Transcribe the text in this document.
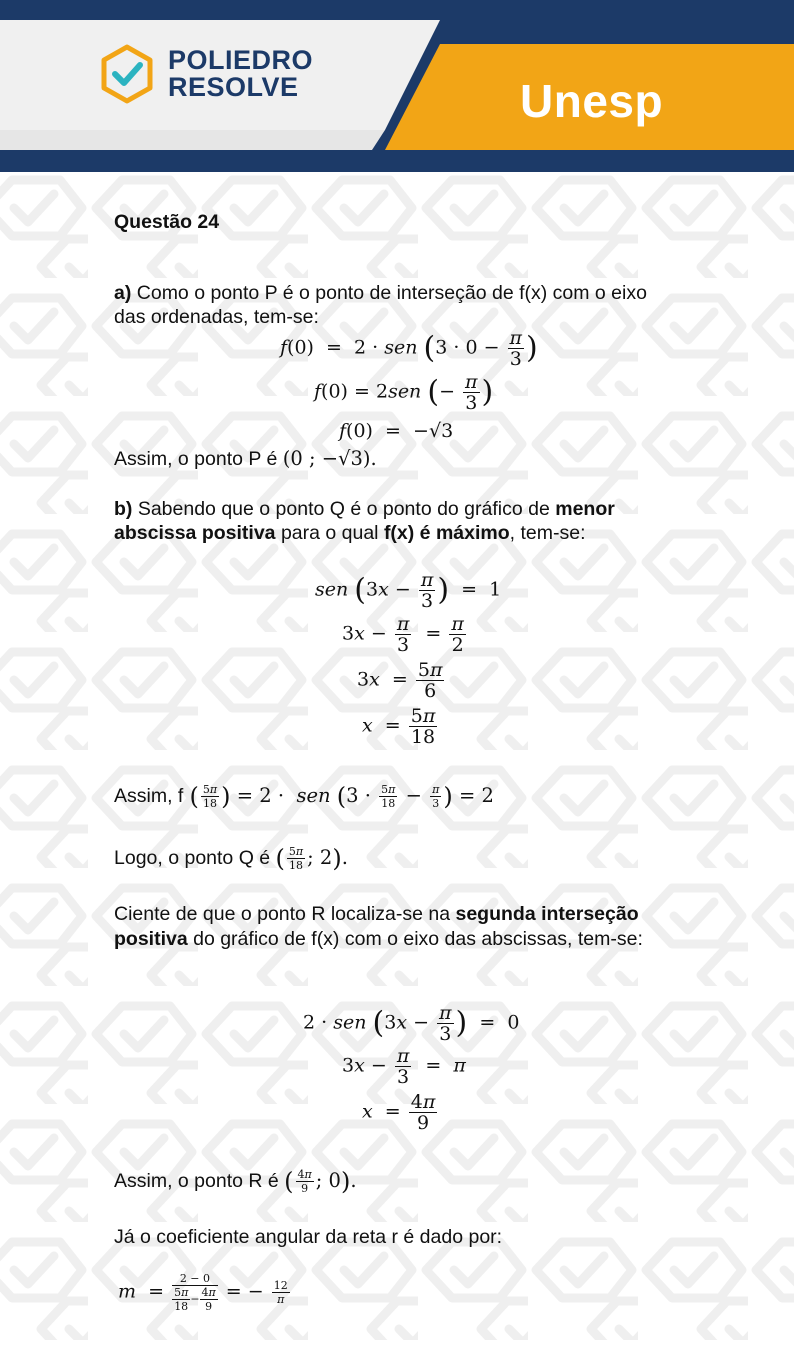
POLIEDRO
RESOLVE	Unesp
Questão 24
a) Como o ponto P é o ponto de interseção de f(x) com o eixo
das ordenadas, tem-se:
f(0)  =  2 · sen ($3 \cdot 0 - \frac{\pi}{3}$ )
f(0) = 2sen (− $\frac{\pi}{3}$ )
f(0)  =  −√3
Assim, o ponto P é (0 ; −√3).
b) Sabendo que o ponto Q é o ponto do gráfico de menor
abscissa positiva para o qual f(x) é máximo, tem-se:
sen ($3x - \frac{\pi}{3}$ )  =  1
$3x - \frac{\pi}{3} = \frac{\pi}{2}$
$3x = \frac{5\pi}{6}$
$x = \frac{5\pi}{18}$
Assim, f ( $\frac{5\pi}{18}$ ) = 2 ·  sen ($3 \cdot \frac{5\pi}{18} - \frac{\pi}{3}$ ) = 2
Logo, o ponto Q é ( $\frac{5\pi}{18}$ ; 2).
Ciente de que o ponto R localiza-se na segunda interseção
positiva do gráfico de f(x) com o eixo das abscissas, tem-se:
2 · sen ($3x - \frac{\pi}{3}$ )  =  0
$3x - \frac{\pi}{3} = \pi$
$x = \frac{4\pi}{9}$
Assim, o ponto R é ( $\frac{4\pi}{9}$ ; 0).
Já o coeficiente angular da reta r é dado por:
$m = \frac{2 - 0}{\frac{5\pi}{18} - \frac{4\pi}{9}}$ = − $\frac{12}{\pi}$
